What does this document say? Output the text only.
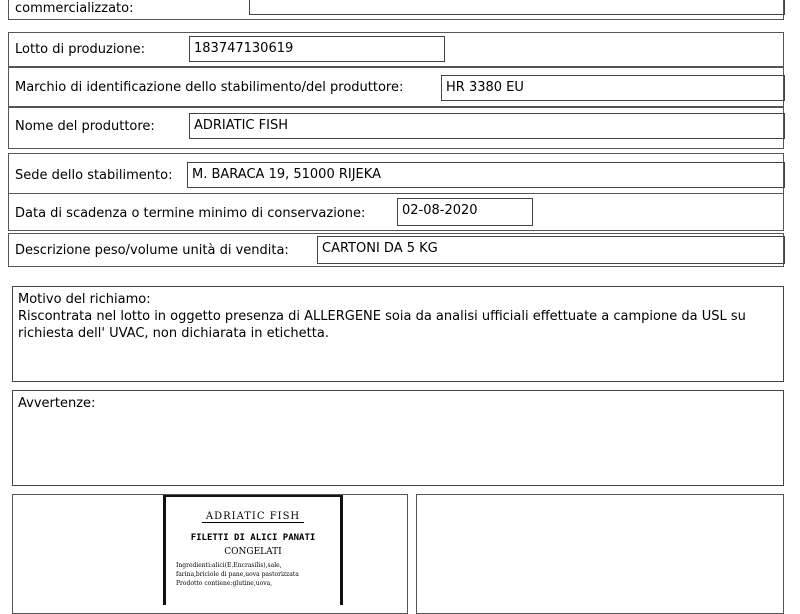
commercializzato:
Lotto di produzione:	183747130619
Marchio di identificazione dello stabilimento/del produttore:	HR 3380 EU
Nome del produttore:	ADRIATIC FISH
Sede dello stabilimento:	M. BARACA 19, 51000 RIJEKA
Data di scadenza o termine minimo di conservazione:	02-08-2020
Descrizione peso/volume unità di vendita:	CARTONI DA 5 KG
Motivo del richiamo:
Riscontrata nel lotto in oggetto presenza di ALLERGENE soia da analisi ufficiali effettuate a campione da USL su richiesta dell' UVAC, non dichiarata in etichetta.
Avvertenze:
ADRIATIC FISH
FILETTI DI ALICI PANATI
CONGELATI
Ingredienti:alici(E.Encrasilis),sale,
farina,briciole di pane,uova pastorizzata
Prodotto contiene:glutine,uova,
